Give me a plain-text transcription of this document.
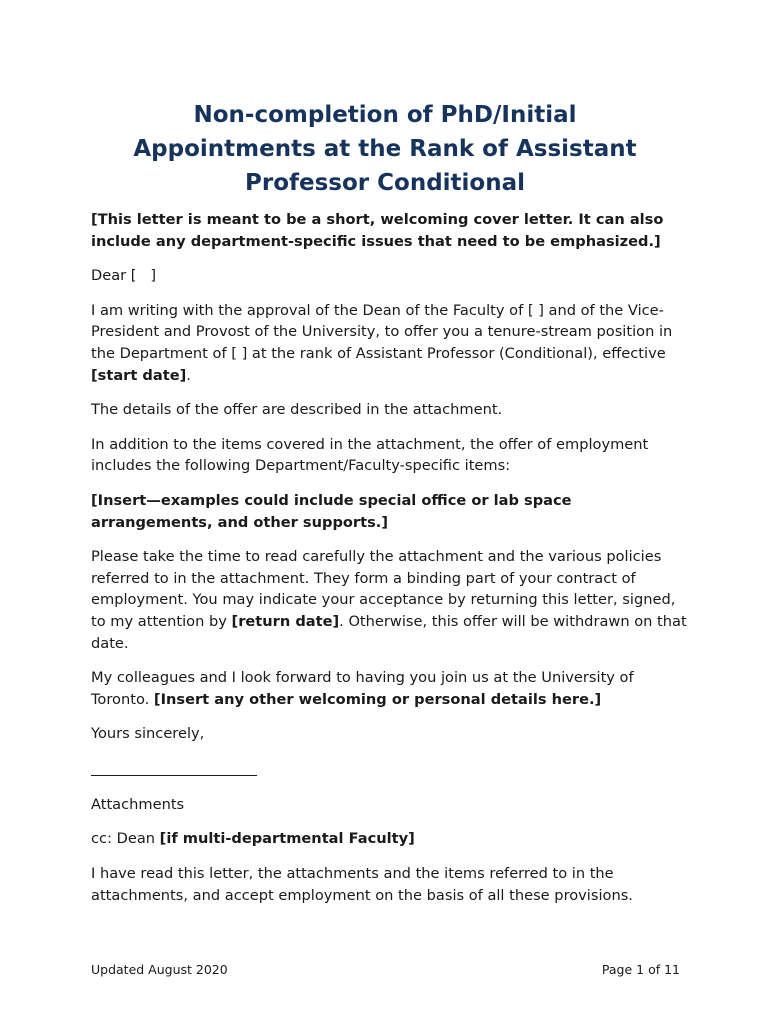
Non-completion of PhD/Initial
Appointments at the Rank of Assistant
Professor Conditional

[This letter is meant to be a short, welcoming cover letter. It can also include any department-specific issues that need to be emphasized.]

Dear [   ]

I am writing with the approval of the Dean of the Faculty of [ ] and of the Vice-President and Provost of the University, to offer you a tenure-stream position in the Department of [ ] at the rank of Assistant Professor (Conditional), effective [start date].

The details of the offer are described in the attachment.

In addition to the items covered in the attachment, the offer of employment includes the following Department/Faculty-specific items:

[Insert—examples could include special office or lab space arrangements, and other supports.]

Please take the time to read carefully the attachment and the various policies referred to in the attachment. They form a binding part of your contract of employment. You may indicate your acceptance by returning this letter, signed, to my attention by [return date]. Otherwise, this offer will be withdrawn on that date.

My colleagues and I look forward to having you join us at the University of Toronto. [Insert any other welcoming or personal details here.]

Yours sincerely,

Attachments

cc: Dean [if multi-departmental Faculty]

I have read this letter, the attachments and the items referred to in the attachments, and accept employment on the basis of all these provisions.

Updated August 2020	Page 1 of 11
